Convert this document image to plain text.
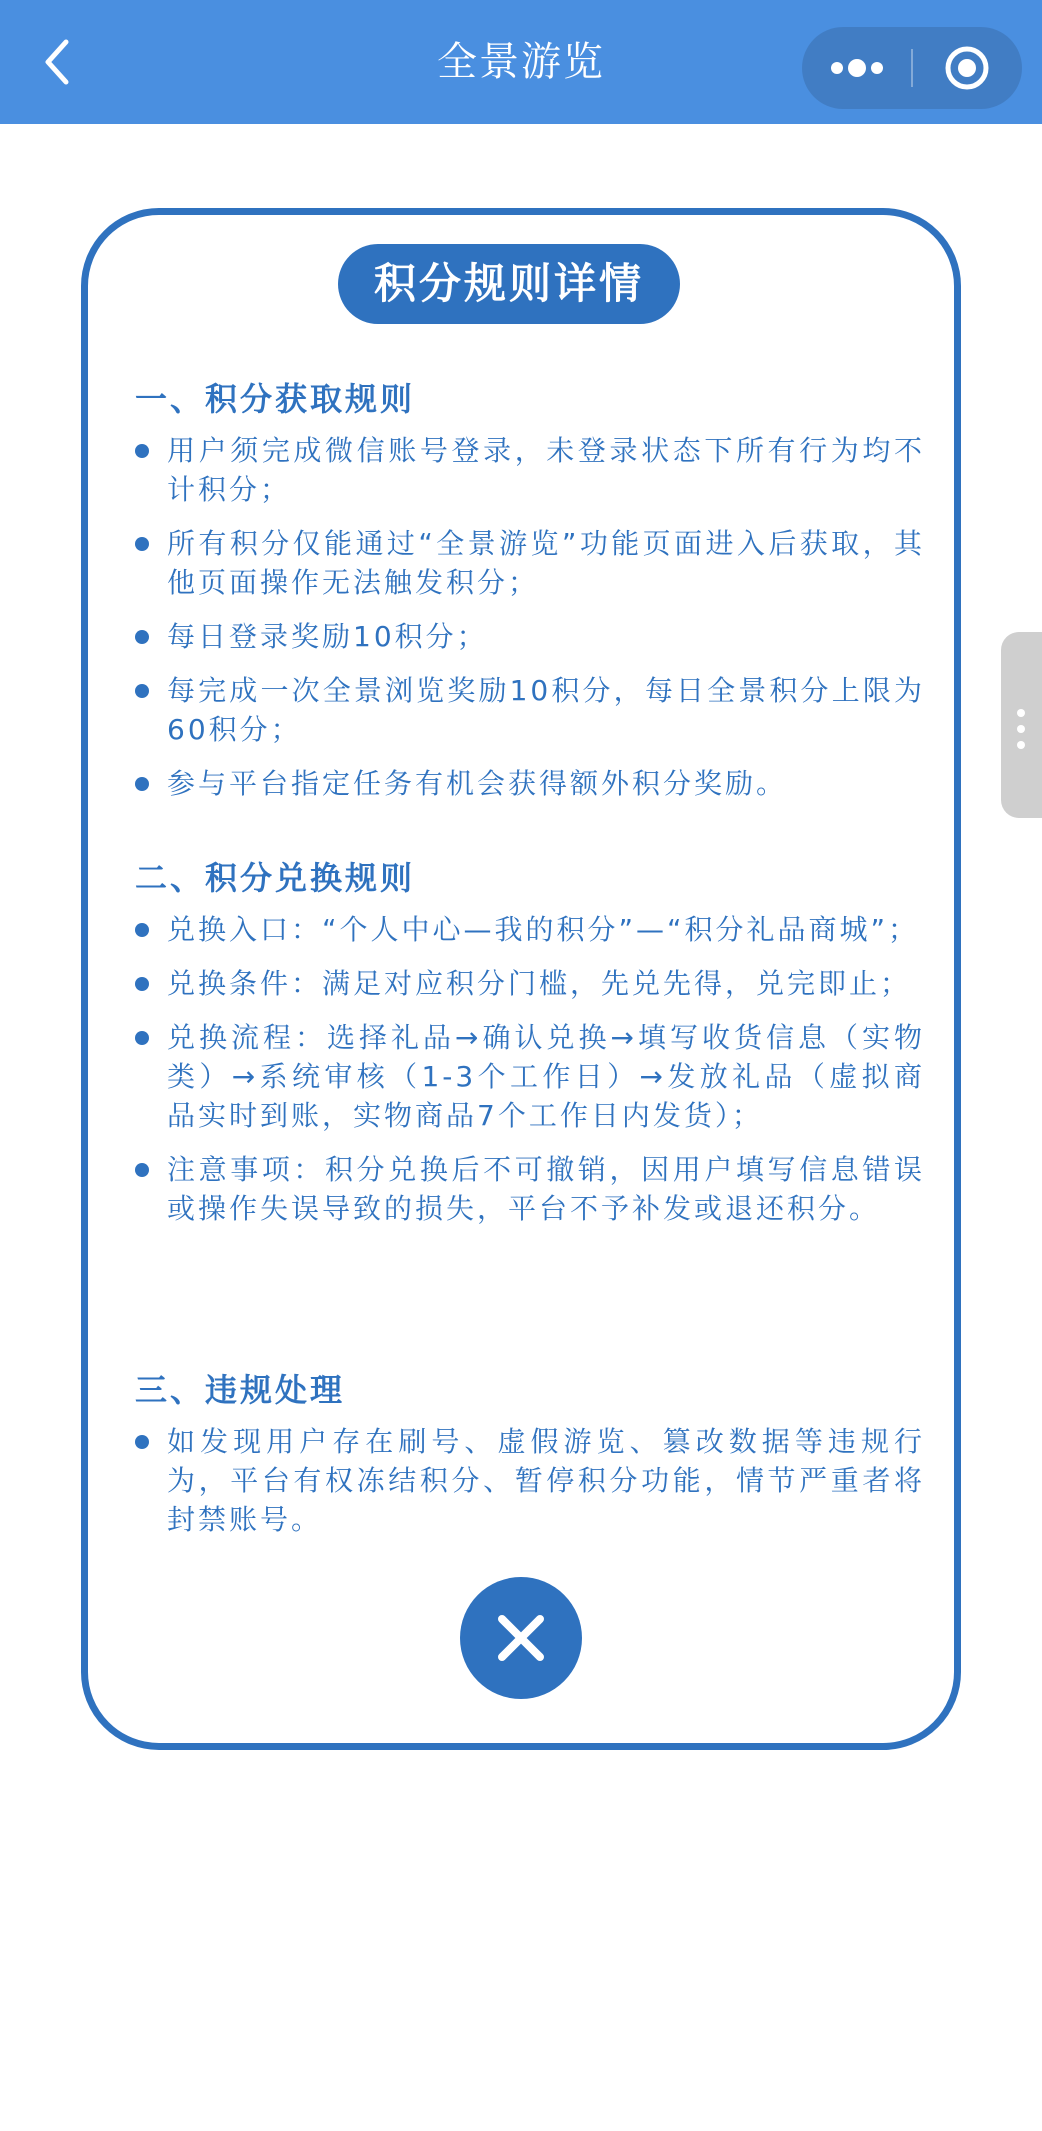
全景游览
积分规则详情
一、积分获取规则
用户须完成微信账号登录，未登录状态下所有行为均不计积分；
所有积分仅能通过“全景游览”功能页面进入后获取，其他页面操作无法触发积分；
每日登录奖励10积分；
每完成一次全景浏览奖励10积分，每日全景积分上限为60积分；
参与平台指定任务有机会获得额外积分奖励。
二、积分兑换规则
兑换入口：“个人中心—我的积分”—“积分礼品商城”；
兑换条件：满足对应积分门槛，先兑先得，兑完即止；
兑换流程：选择礼品→确认兑换→填写收货信息（实物类）→系统审核（1-3个工作日）→发放礼品（虚拟商品实时到账，实物商品7个工作日内发货）；
注意事项：积分兑换后不可撤销，因用户填写信息错误或操作失误导致的损失，平台不予补发或退还积分。
三、违规处理
如发现用户存在刷号、虚假游览、篡改数据等违规行为，平台有权冻结积分、暂停积分功能，情节严重者将封禁账号。
